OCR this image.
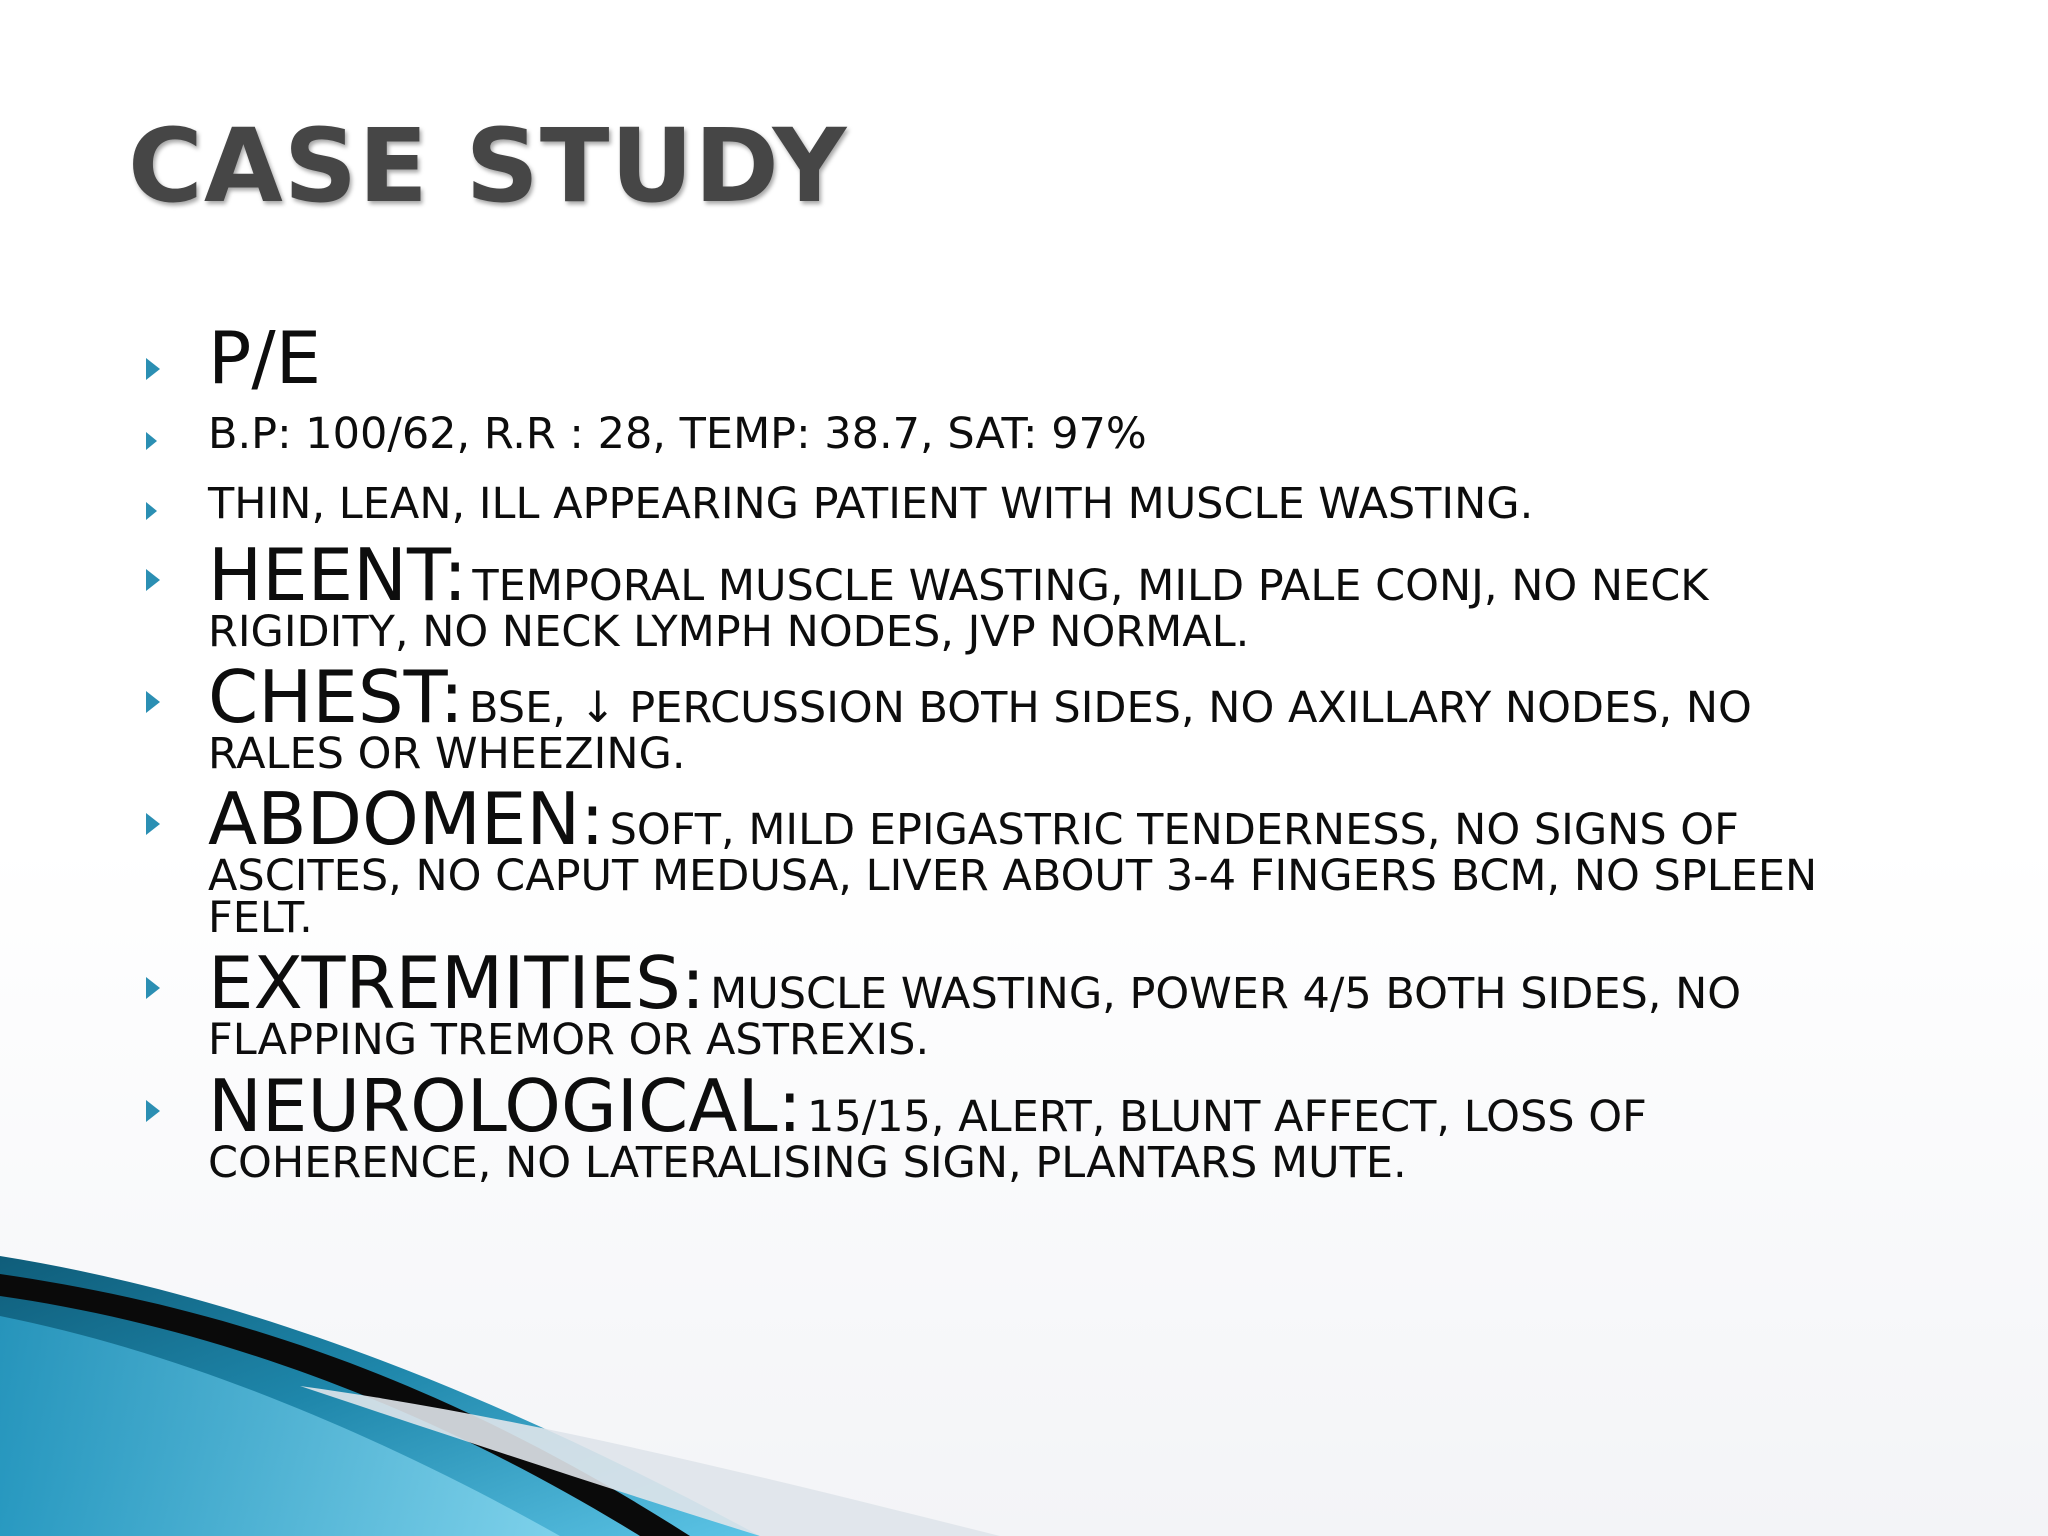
CASE STUDY
P/E
B.P: 100/62, R.R : 28, TEMP: 38.7, SAT: 97%
THIN, LEAN, ILL APPEARING PATIENT WITH MUSCLE WASTING.
HEENT: TEMPORAL MUSCLE WASTING, MILD PALE CONJ, NO NECK RIGIDITY, NO NECK LYMPH NODES, JVP NORMAL.
CHEST: BSE, ↓ PERCUSSION BOTH SIDES, NO AXILLARY NODES, NO RALES OR WHEEZING.
ABDOMEN: SOFT, MILD EPIGASTRIC TENDERNESS, NO SIGNS OF ASCITES, NO CAPUT MEDUSA, LIVER ABOUT 3-4 FINGERS BCM, NO SPLEEN FELT.
EXTREMITIES: MUSCLE WASTING, POWER 4/5 BOTH SIDES, NO FLAPPING TREMOR OR ASTREXIS.
NEUROLOGICAL: 15/15, ALERT, BLUNT AFFECT, LOSS OF COHERENCE, NO LATERALISING SIGN, PLANTARS MUTE.
